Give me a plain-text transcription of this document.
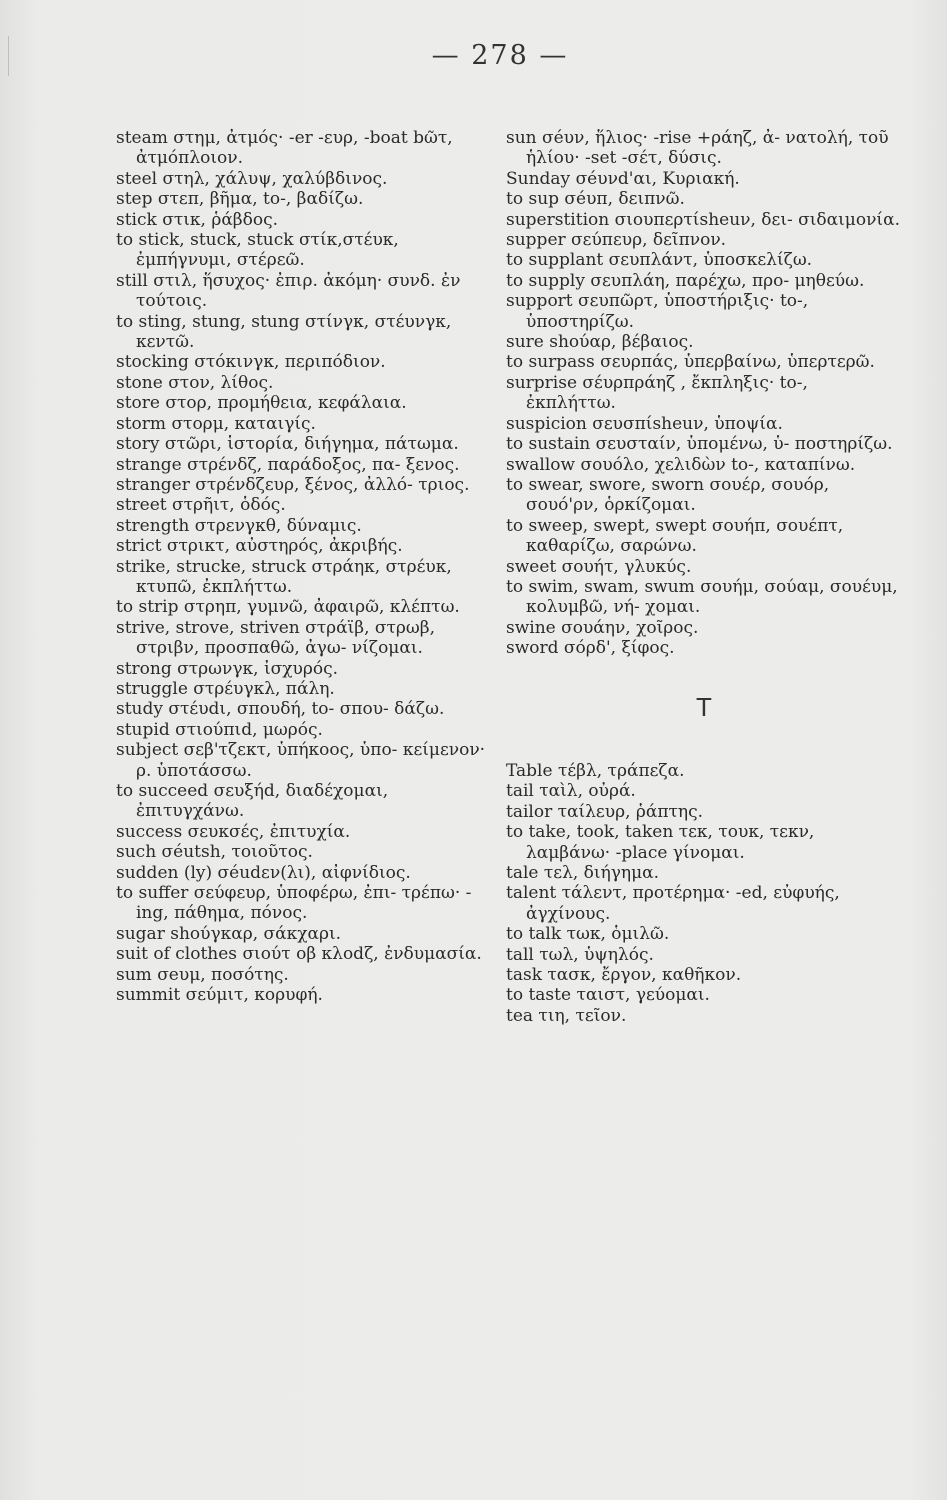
— 278 —
steam στημ, ἀτμός· -er -ευρ, -boat bῶτ, ἀτμόπλοιον.
steel στηλ, χάλυψ, χαλύβδινος.
step στεπ, βῆμα, to-, βαδίζω.
stick στικ, ῥάβδος.
to stick, stuck, stuck στίκ,στέυκ, ἐμπήγνυμι, στέρεῶ.
still στιλ, ἥσυχος· ἐπιρ. ἀκόμη· συνδ. ἐν τούτοις.
to sting, stung, stung στίνγκ, στέυνγκ, κεντῶ.
stocking στόκινγκ, περιπόδιον.
stone στον, λίθος.
store στορ, προμήθεια, κεφάλαια.
storm στορμ, καταιγίς.
story στῶρι, ἱστορία, διήγημα, πάτωμα.
strange στρένδζ, παράδοξος, πα- ξενος.
stranger στρένδζευρ, ξένος, ἀλλό- τριος.
street στρῆιτ, ὁδός.
strength στρενγκθ, δύναμις.
strict στρικτ, αὐστηρός, ἀκριβής.
strike, strucke, struck στράηκ, στρέυκ, κτυπῶ, ἐκπλήττω.
to strip στρηπ, γυμνῶ, ἀφαιρῶ, κλέπτω.
strive, strove, striven στράϊβ, στρωβ, στριβν, προσπαθῶ, ἀγω- νίζομαι.
strong στρωνγκ, ἰσχυρός.
struggle στρέυγκλ, πάλη.
study στέυdι, σπουδή, to- σπου- δάζω.
stupid στιούπιd, μωρός.
subject σεβ'τζεκτ, ὑπήκοος, ὑπο- κείμενον· ρ. ὑποτάσσω.
to succeed σευξήd, διαδέχομαι, ἐπιτυγχάνω.
success σευκσές, ἐπιτυχία.
such σéutsh, τοιοῦτος.
sudden (ly) σéudεν(λι), αἰφνίδιος.
to suffer σεύφευρ, ὑποφέρω, ἐπι- τρέπω· -ing, πάθημα, πόνος.
sugar shoύγκαρ, σάκχαρι.
suit of clothes σιούτ οβ κλοdζ, ἐνδυμασία.
sum σeυμ, ποσότης.
summit σεύμιτ, κορυφή.
sun σéυν, ἥλιος· -rise +ράηζ, ἀ- νατολή, τοῦ ἡλίου· -set -σέτ, δύσις.
Sunday σéυνd'αι, Κυριακή.
to sup σéυπ, δειπνῶ.
superstition σιουπερτίsheuν, δει- σιδαιμονία.
supper σεύπευρ, δεῖπνον.
to supplant σευπλάντ, ὑποσκελίζω.
to supply σευπλάη, παρέχω, προ- μηθεύω.
support σευπῶρτ, ὑποστήριξις· to-, ὑποστηρίζω.
sure shoύαρ, βέβαιος.
to surpass σευρπάς, ὑπερβαίνω, ὑπερτερῶ.
surprise σέυρπράηζ , ἔκπληξις· to-, ἐκπλήττω.
suspicion σευσπίsheuν, ὑποψία.
to sustain σευσταίν, ὑπομένω, ὑ- ποστηρίζω.
swallow σουόλο, χελιδὼν to-, καταπίνω.
to swear, swore, sworn σουέρ, σουόρ, σουό'ρν, ὁρκίζομαι.
to sweep, swept, swept σουήπ, σουέπτ, καθαρίζω, σαρώνω.
sweet σουήτ, γλυκύς.
to swim, swam, swum σουήμ, σούαμ, σουέυμ, κολυμβῶ, νή- χομαι.
swine σουάην, χοῖρος.
sword σόρδ', ξίφος.
T
Table τέβλ, τράπεζα.
tail ταὶλ, οὐρά.
tailor ταίλευρ, ῥάπτης.
to take, took, taken τεκ, τουκ, τεκν, λαμβάνω· -place γίνομαι.
tale τελ, διήγημα.
talent τάλεντ, προτέρημα· -ed, εὐφυής, ἀγχίνους.
to talk τωκ, ὁμιλῶ.
tall τωλ, ὑψηλός.
task τασκ, ἔργον, καθῆκον.
to taste ταιστ, γεύομαι.
tea τιη, τεῖον.
